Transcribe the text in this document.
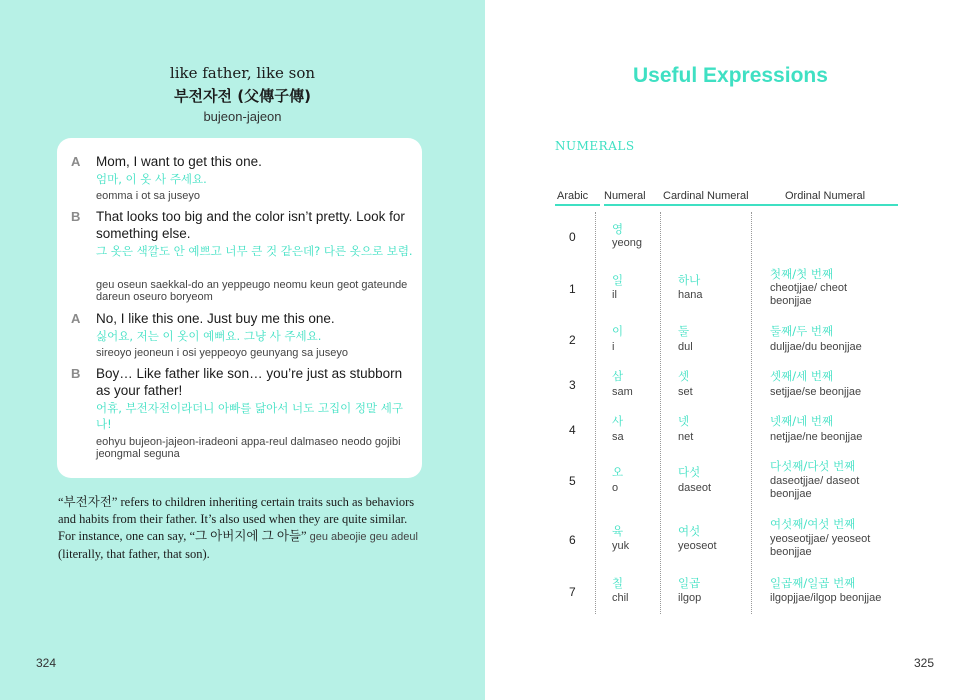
like father, like son
부전자전 (父傳子傳)
bujeon-jajeon
A Mom, I want to get this one.
엄마, 이 옷 사 주세요.
eomma i ot sa juseyo
B That looks too big and the color isn’t pretty. Look for something else.
그 옷은 색깔도 안 예쁘고 너무 큰 것 같은데? 다른 옷으로 보렴.
geu oseun saekkal-do an yeppeugo neomu keun geot gateunde dareun oseuro boryeom
A No, I like this one. Just buy me this one.
싫어요, 저는 이 옷이 예뻐요. 그냥 사 주세요.
sireoyo jeoneun i osi yeppeoyo geunyang sa juseyo
B Boy… Like father like son… you’re just as stubborn as your father!
어휴, 부전자전이라더니 아빠를 닮아서 너도 고집이 정말 세구나!
eohyu bujeon-jajeon-iradeoni appa-reul dalmaseo neodo gojibi jeongmal seguna
“부전자전” refers to children inheriting certain traits such as behaviors and habits from their father. It’s also used when they are quite similar. For instance, one can say, “그 아버지에 그 아들” geu abeojie geu adeul (literally, that father, that son).
324
Useful Expressions
NUMERALS
Arabic Numeral Cardinal Numeral	Ordinal Numeral
0
영
yeong
1
일
il
하나
hana
첫째/첫 번째
cheotjjae/ cheot beonjjae
2
이
i
둘
dul
둘째/두 번째
duljjae/du beonjjae
3
삼
sam
셋
set
셋째/세 번째
setjjae/se beonjjae
4
사
sa
넷
net
넷째/네 번째
netjjae/ne beonjjae
5
오
o
다섯
daseot
다섯째/다섯 번째
daseotjjae/ daseot beonjjae
6
육
yuk
여섯
yeoseot
여섯째/여섯 번째
yeoseotjjae/ yeoseot beonjjae
7
칠
chil
일곱
ilgop
일곱째/일곱 번째
ilgopjjae/ilgop beonjjae
325
